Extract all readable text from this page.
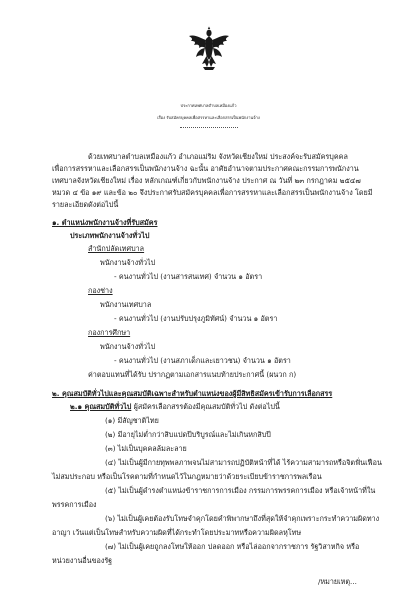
ประกาศเทศบาลตำบลเหมืองแก้ว
เรื่อง รับสมัครบุคคลเพื่อสรรหาและเลือกสรรเป็นพนักงานจ้าง
ด้วยเทศบาลตำบลเหมืองแก้ว อำเภอแม่ริม จังหวัดเชียงใหม่ ประสงค์จะรับสมัครบุคคล
เพื่อการสรรหาและเลือกสรรเป็นพนักงานจ้าง ฉะนั้น อาศัยอำนาจตามประกาศคณะกรรมการพนักงาน
เทศบาลจังหวัดเชียงใหม่ เรื่อง หลักเกณฑ์เกี่ยวกับพนักงานจ้าง ประกาศ ณ วันที่ ๒๓ กรกฎาคม ๒๕๔๗
หมวด ๔ ข้อ ๑๙ และข้อ ๒๐ จึงประกาศรับสมัครบุคคลเพื่อการสรรหาและเลือกสรรเป็นพนักงานจ้าง โดยมี
รายละเอียดดังต่อไปนี้
๑. ตำแหน่งพนักงานจ้างที่รับสมัคร
ประเภทพนักงานจ้างทั่วไป
สำนักปลัดเทศบาล
พนักงานจ้างทั่วไป
- คนงานทั่วไป (งานสารสนเทศ) จำนวน ๑ อัตรา
กองช่าง
พนักงานเทศบาล
- คนงานทั่วไป (งานปรับปรุงภูมิทัศน์) จำนวน ๑ อัตรา
กองการศึกษา
พนักงานจ้างทั่วไป
- คนงานทั่วไป (งานสภาเด็กและเยาวชน) จำนวน ๑ อัตรา
ค่าตอบแทนที่ได้รับ ปรากฏตามเอกสารแนบท้ายประกาศนี้ (ผนวก ก)
๒. คุณสมบัติทั่วไปและคุณสมบัติเฉพาะสำหรับตำแหน่งของผู้มีสิทธิสมัครเข้ารับการเลือกสรร
๒.๑ คุณสมบัติทั่วไป ผู้สมัครเลือกสรรต้องมีคุณสมบัติทั่วไป ดังต่อไปนี้
(๑) มีสัญชาติไทย
(๒) มีอายุไม่ต่ำกว่าสิบแปดปีบริบูรณ์และไม่เกินหกสิบปี
(๓) ไม่เป็นบุคคลล้มละลาย
(๔) ไม่เป็นผู้มีกายทุพพลภาพจนไม่สามารถปฏิบัติหน้าที่ได้ ไร้ความสามารถหรือจิตฟั่นเฟือน
ไม่สมประกอบ หรือเป็นโรคตามที่กำหนดไว้ในกฎหมายว่าด้วยระเบียบข้าราชการพลเรือน
(๕) ไม่เป็นผู้ดำรงตำแหน่งข้าราชการการเมือง กรรมการพรรคการเมือง หรือเจ้าหน้าที่ใน
พรรคการเมือง
(๖) ไม่เป็นผู้เคยต้องรับโทษจำคุกโดยคำพิพากษาถึงที่สุดให้จำคุกเพราะกระทำความผิดทาง
อาญา เว้นแต่เป็นโทษสำหรับความผิดที่ได้กระทำโดยประมาทหรือความผิดลหุโทษ
(๗) ไม่เป็นผู้เคยถูกลงโทษให้ออก ปลดออก หรือไล่ออกจากราชการ รัฐวิสาหกิจ หรือ
หน่วยงานอื่นของรัฐ
/หมายเหตุ...
